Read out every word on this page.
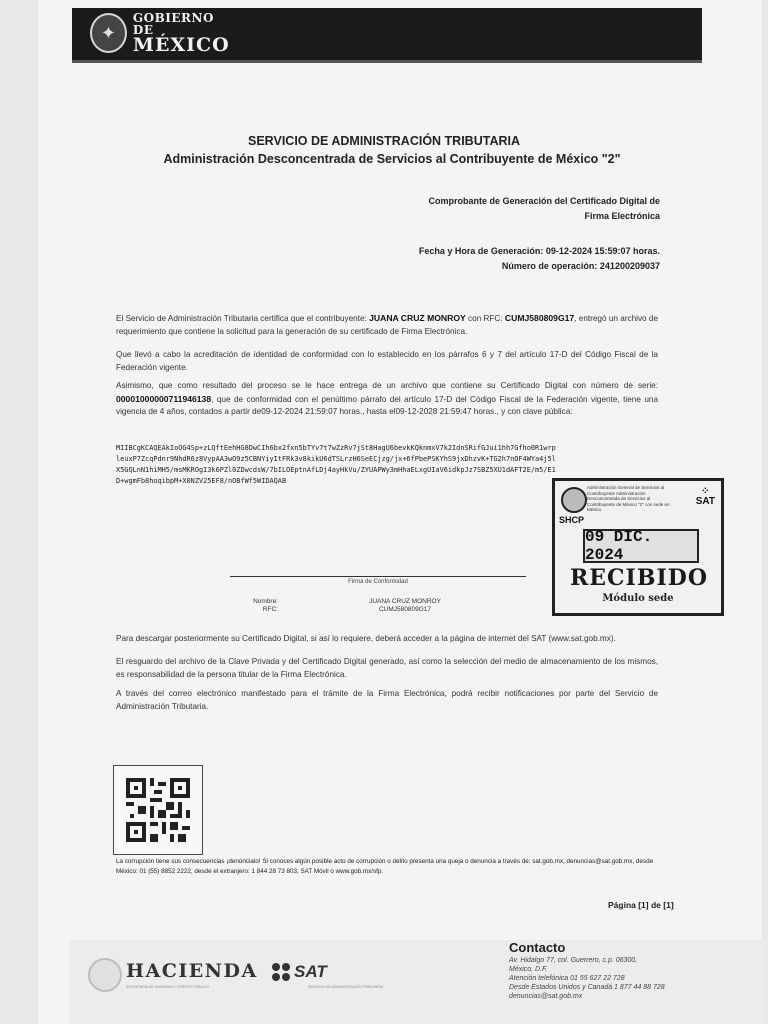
✦
GOBIERNO DE
MÉXICO
SERVICIO DE ADMINISTRACIÓN TRIBUTARIA
Administración Desconcentrada de Servicios al Contribuyente de México "2"
Comprobante de Generación del Certificado Digital de
Firma Electrónica
Fecha y Hora de Generación: 09-12-2024 15:59:07 horas.
Número de operación: 241200209037
El Servicio de Administración Tributaria certifica que el contribuyente: JUANA CRUZ MONROY con RFC: CUMJ580809G17, entregó un archivo de requerimiento que contiene la solicitud para la generación de su certificado de Firma Electrónica.
Que llevó a cabo la acreditación de identidad de conformidad con lo establecido en los párrafos 6 y 7 del artículo 17-D del Código Fiscal de la Federación vigente.
Asimismo, que como resultado del proceso se le hace entrega de un archivo que contiene su Certificado Digital con número de serie: 00001000000711946138, que de conformidad con el penúltimo párrafo del artículo 17-D del Código Fiscal de la Federación vigente, tiene una vigencia de 4 años, contados a partir de09-12-2024 21:59:07 horas., hasta el09-12-2028 21:59:47 horas., y con clave pública:
MIIBCgKCAQEAkIoOG4Sp+zLQftEehHG8DwCIh6bx2fxn5bTYv7t7wZzRv7jSt8HagU6bevkKQknmxV7k2IdnSRifGJui1hh7Gfho0R1wrpleuxP7ZcqPdnr9NhdR6z8VypAA3wO9z5CBNYiyItFRk3v8kikU6dTSLrzH6SeECjzg/jx+6fPbePSKYhS9jxDhzvK+TG2h7nOF4WYa4j5lX5GQLnN1hiMH5/msMKROgI3k6PZl0ZDwcdsW/7bILOEptnAfLDj4ayHkVu/ZYUAPWy3mHhaELxgUIaV6idkpJz7SBZ5XU1dAFT2E/m5/E1D+wgmFb8hoqibpM+X0NZV25EF8/nOBfWf5WIDAQAB
Administración General de Servicios al Contribuyente Administración Desconcentrada de Servicios al Contribuyente de México "2" con sede en México
⁘
SAT
SHCP
09 DIC. 2024
RECIBIDO
Módulo sede
Firma de Conformidad
Nombre:
RFC:
JUANA CRUZ MONROY
CUMJ580809G17
Para descargar posteriormente su Certificado Digital, si así lo requiere, deberá acceder a la página de internet del SAT (www.sat.gob.mx).
El resguardo del archivo de la Clave Privada y del Certificado Digital generado, así como la selección del medio de almacenamiento de los mismos, es responsabilidad de la persona titular de la Firma Electrónica.
A través del correo electrónico manifestado para el trámite de la Firma Electrónica, podrá recibir notificaciones por parte del Servicio de Administración Tributaria.
La corrupción tiene sus consecuencias ¡denúncialo! Si conoces algún posible acto de corrupción o delito presenta una queja o denuncia a través de: sat.gob.mx, denuncias@sat.gob.mx, desde México: 01 (55) 8852 2222, desde el extranjero: 1 844 28 73 803, SAT Móvil o www.gob.mx/sfp.
Página [1] de [1]
HACIENDA
SECRETARÍA DE HACIENDA Y CRÉDITO PÚBLICO
SAT
SERVICIO DE ADMINISTRACIÓN TRIBUTARIA
Contacto
Av. Hidalgo 77, col. Guerrero, c.p. 06300,
México, D.F.
Atención telefónica 01 55 627 22 728
Desde Estados Unidos y Canadá 1 877 44 88 728
denuncias@sat.gob.mx
